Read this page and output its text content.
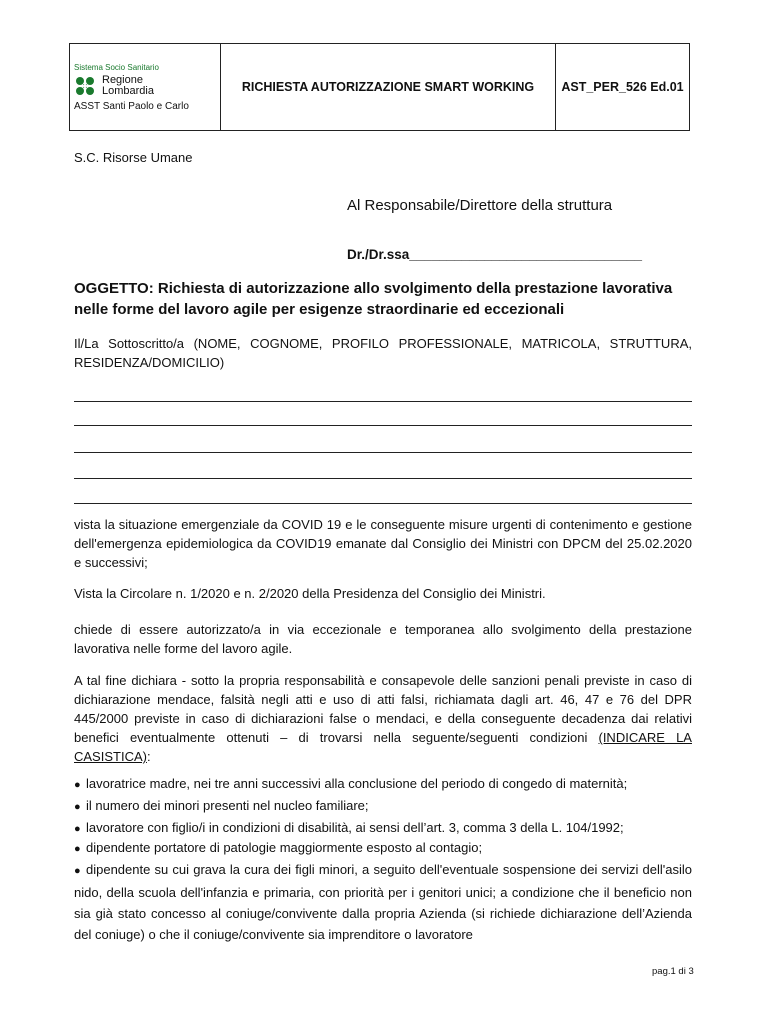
Sistema Socio Sanitario
Regione
Lombardia
ASST Santi Paolo e Carlo
RICHIESTA AUTORIZZAZIONE SMART WORKING	AST_PER_526 Ed.01
S.C. Risorse Umane
Al Responsabile/Direttore della struttura
Dr./Dr.ssa_______________________________
OGGETTO: Richiesta di autorizzazione allo svolgimento della prestazione lavorativa
nelle forme del lavoro agile per esigenze straordinarie ed eccezionali
Il/La Sottoscritto/a (NOME, COGNOME, PROFILO PROFESSIONALE, MATRICOLA, STRUTTURA, RESIDENZA/DOMICILIO)
vista la situazione emergenziale da COVID 19 e le conseguente misure urgenti di contenimento e gestione dell'emergenza epidemiologica da COVID19 emanate dal Consiglio dei Ministri con DPCM del 25.02.2020 e successivi;
Vista la Circolare n. 1/2020 e n. 2/2020 della Presidenza del Consiglio dei Ministri.
chiede di essere autorizzato/a in via eccezionale e temporanea allo svolgimento della prestazione lavorativa nelle forme del lavoro agile.
A tal fine dichiara - sotto la propria responsabilità e consapevole delle sanzioni penali previste in caso di dichiarazione mendace, falsità negli atti e uso di atti falsi, richiamata dagli art. 46, 47 e 76 del DPR 445/2000 previste in caso di dichiarazioni false o mendaci, e della conseguente decadenza dai relativi benefici eventualmente ottenuti – di trovarsi nella seguente/seguenti condizioni (INDICARE LA CASISTICA):
● lavoratrice madre, nei tre anni successivi alla conclusione del periodo di congedo di maternità;
● il numero dei minori presenti nel nucleo familiare;
● lavoratore con figlio/i in condizioni di disabilità, ai sensi dell’art. 3, comma 3 della L. 104/1992;
● dipendente portatore di patologie maggiormente esposto al contagio;
● dipendente su cui grava la cura dei figli minori, a seguito dell'eventuale sospensione dei servizi dell'asilo nido, della scuola dell'infanzia e primaria, con priorità per i genitori unici; a condizione che il beneficio non sia già stato concesso al coniuge/convivente dalla propria Azienda (si richiede dichiarazione dell’Azienda del coniuge) o che il coniuge/convivente sia imprenditore o lavoratore
pag.1 di 3
